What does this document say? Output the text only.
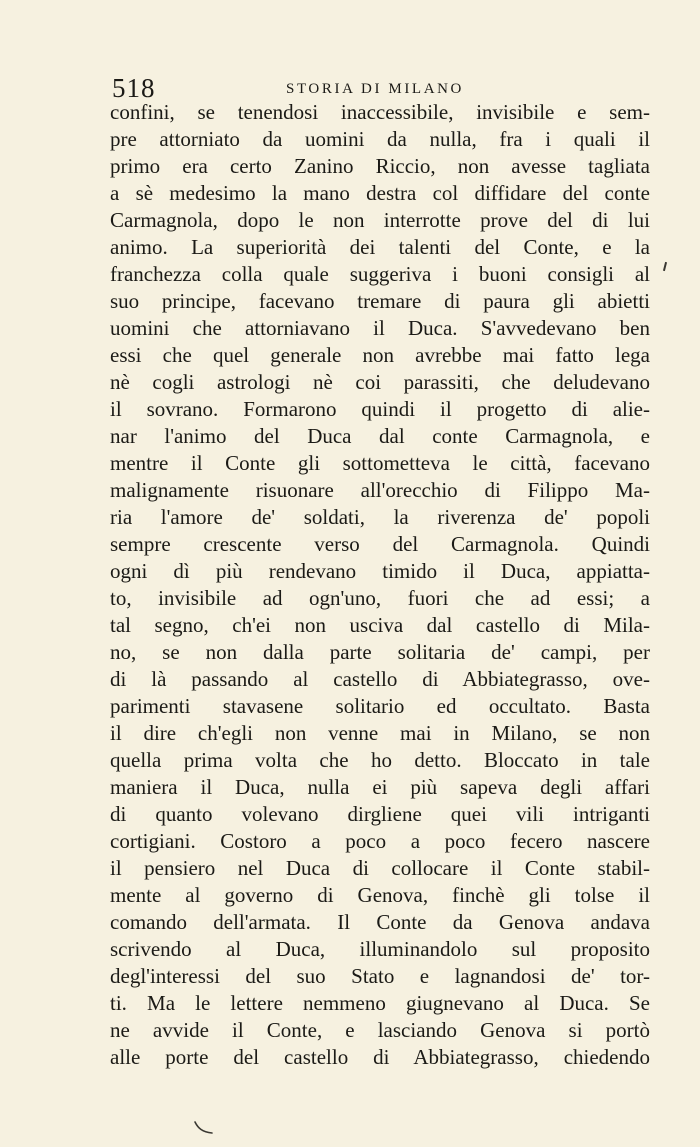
518	STORIA DI MILANO
confini, se tenendosi inaccessibile, invisibile e sem-
pre attorniato da uomini da nulla, fra i quali il
primo era certo Zanino Riccio, non avesse tagliata
a sè medesimo la mano destra col diffidare del conte
Carmagnola, dopo le non interrotte prove del di lui
animo. La superiorità dei talenti del Conte, e la
franchezza colla quale suggeriva i buoni consigli al
suo principe, facevano tremare di paura gli abietti
uomini che attorniavano il Duca. S'avvedevano ben
essi che quel generale non avrebbe mai fatto lega
nè cogli astrologi nè coi parassiti, che deludevano
il sovrano. Formarono quindi il progetto di alie-
nar l'animo del Duca dal conte Carmagnola, e
mentre il Conte gli sottometteva le città, facevano
malignamente risuonare all'orecchio di Filippo Ma-
ria l'amore de' soldati, la riverenza de' popoli
sempre crescente verso del Carmagnola. Quindi
ogni dì più rendevano timido il Duca, appiatta-
to, invisibile ad ogn'uno, fuori che ad essi; a
tal segno, ch'ei non usciva dal castello di Mila-
no, se non dalla parte solitaria de' campi, per
di là passando al castello di Abbiategrasso, ove-
parimenti stavasene solitario ed occultato. Basta
il dire ch'egli non venne mai in Milano, se non
quella prima volta che ho detto. Bloccato in tale
maniera il Duca, nulla ei più sapeva degli affari
di quanto volevano dirgliene quei vili intriganti
cortigiani. Costoro a poco a poco fecero nascere
il pensiero nel Duca di collocare il Conte stabil-
mente al governo di Genova, finchè gli tolse il
comando dell'armata. Il Conte da Genova andava
scrivendo al Duca, illuminandolo sul proposito
degl'interessi del suo Stato e lagnandosi de' tor-
ti. Ma le lettere nemmeno giugnevano al Duca. Se
ne avvide il Conte, e lasciando Genova si portò
alle porte del castello di Abbiategrasso, chiedendo
